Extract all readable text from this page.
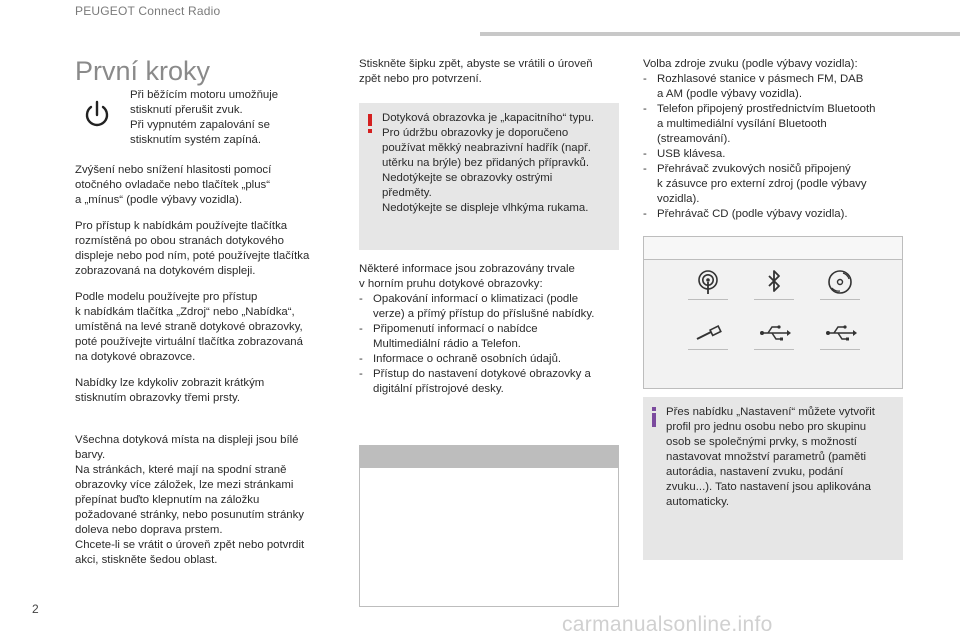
PEUGEOT Connect Radio
První kroky
Při běžícím motoru umožňuje
stisknutí přerušit zvuk.
Při vypnutém zapalování se
stisknutím systém zapíná.
Zvýšení nebo snížení hlasitosti pomocí
otočného ovladače nebo tlačítek „plus“
a „mínus“ (podle výbavy vozidla).
Pro přístup k nabídkám používejte tlačítka
rozmístěná po obou stranách dotykového
displeje nebo pod ním, poté používejte tlačítka
zobrazovaná na dotykovém displeji.
Podle modelu používejte pro přístup
k nabídkám tlačítka „Zdroj“ nebo „Nabídka“,
umístěná na levé straně dotykové obrazovky,
poté používejte virtuální tlačítka zobrazovaná
na dotykové obrazovce.
Nabídky lze kdykoliv zobrazit krátkým
stisknutím obrazovky třemi prsty.
Všechna dotyková místa na displeji jsou bílé
barvy.
Na stránkách, které mají na spodní straně
obrazovky více záložek, lze mezi stránkami
přepínat buďto klepnutím na záložku
požadované stránky, nebo posunutím stránky
doleva nebo doprava prstem.
Chcete-li se vrátit o úroveň zpět nebo potvrdit
akci, stiskněte šedou oblast.
Stiskněte šipku zpět, abyste se vrátili o úroveň
zpět nebo pro potvrzení.
Dotyková obrazovka je „kapacitního“ typu.
Pro údržbu obrazovky je doporučeno
používat měkký neabrazivní hadřík (např.
utěrku na brýle) bez přidaných přípravků.
Nedotýkejte se obrazovky ostrými
předměty.
Nedotýkejte se displeje vlhkýma rukama.
Některé informace jsou zobrazovány trvale
v horním pruhu dotykové obrazovky:
- Opakování informací o klimatizaci (podle
verze) a přímý přístup do příslušné nabídky.
- Připomenutí informací o nabídce
Multimediální rádio a Telefon.
- Informace o ochraně osobních údajů.
- Přístup do nastavení dotykové obrazovky a
digitální přístrojové desky.
Volba zdroje zvuku (podle výbavy vozidla):
- Rozhlasové stanice v pásmech FM, DAB
a AM (podle výbavy vozidla).
- Telefon připojený prostřednictvím Bluetooth
a multimediální vysílání Bluetooth
(streamování).
- USB klávesa.
- Přehrávač zvukových nosičů připojený
k zásuvce pro externí zdroj (podle výbavy
vozidla).
- Přehrávač CD (podle výbavy vozidla).
Přes nabídku „Nastavení“ můžete vytvořit
profil pro jednu osobu nebo pro skupinu
osob se společnými prvky, s možností
nastavovat množství parametrů (paměti
autorádia, nastavení zvuku, podání
zvuku...). Tato nastavení jsou aplikována
automaticky.
2
carmanualsonline.info
